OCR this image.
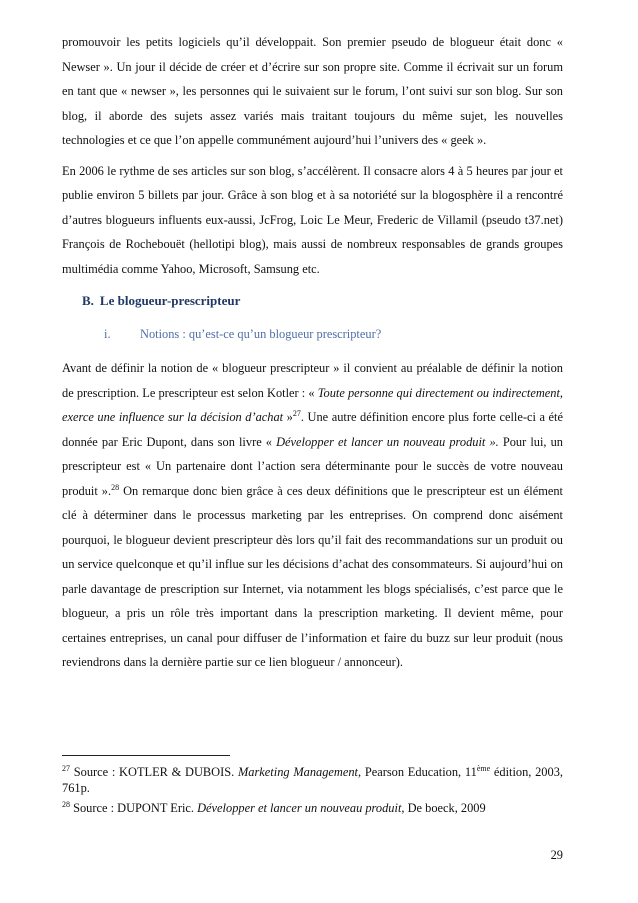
promouvoir les petits logiciels qu’il développait. Son premier pseudo de blogueur était donc « Newser ». Un jour il décide de créer et d’écrire sur son propre site. Comme il écrivait sur un forum en tant que « newser », les personnes qui le suivaient sur le forum, l’ont suivi sur son blog. Sur son blog, il aborde des sujets assez variés mais traitant toujours du même sujet, les nouvelles technologies et ce que l’on appelle communément aujourd’hui l’univers des « geek ».

En 2006 le rythme de ses articles sur son blog, s’accélèrent. Il consacre alors 4 à 5 heures par jour et publie environ 5 billets par jour. Grâce à son blog et à sa notoriété sur la blogosphère il a rencontré d’autres blogueurs influents eux-aussi, JcFrog, Loic Le Meur, Frederic de Villamil (pseudo t37.net) François de Rochebouët (hellotipi blog), mais aussi de nombreux responsables de grands groupes multimédia comme Yahoo, Microsoft, Samsung etc.

B. Le blogueur-prescripteur
i. Notions : qu’est-ce qu’un blogueur prescripteur?

Avant de définir la notion de « blogueur prescripteur » il convient au préalable de définir la notion de prescription. Le prescripteur est selon Kotler : « Toute personne qui directement ou indirectement, exerce une influence sur la décision d’achat »$^{27}$. Une autre définition encore plus forte celle-ci a été donnée par Eric Dupont, dans son livre « Développer et lancer un nouveau produit ». Pour lui, un prescripteur est « Un partenaire dont l’action sera déterminante pour le succès de votre nouveau produit ».$^{28}$ On remarque donc bien grâce à ces deux définitions que le prescripteur est un élément clé à déterminer dans le processus marketing par les entreprises. On comprend donc aisément pourquoi, le blogueur devient prescripteur dès lors qu’il fait des recommandations sur un produit ou un service quelconque et qu’il influe sur les décisions d’achat des consommateurs. Si aujourd’hui on parle davantage de prescription sur Internet, via notamment les blogs spécialisés, c’est parce que le blogueur, a pris un rôle très important dans la prescription marketing. Il devient même, pour certaines entreprises, un canal pour diffuser de l’information et faire du buzz sur leur produit (nous reviendrons dans la dernière partie sur ce lien blogueur / annonceur).

$^{27}$ Source : KOTLER & DUBOIS. Marketing Management, Pearson Education, 11ème édition, 2003, 761p.

$^{28}$ Source : DUPONT Eric. Développer et lancer un nouveau produit, De boeck, 2009

29
